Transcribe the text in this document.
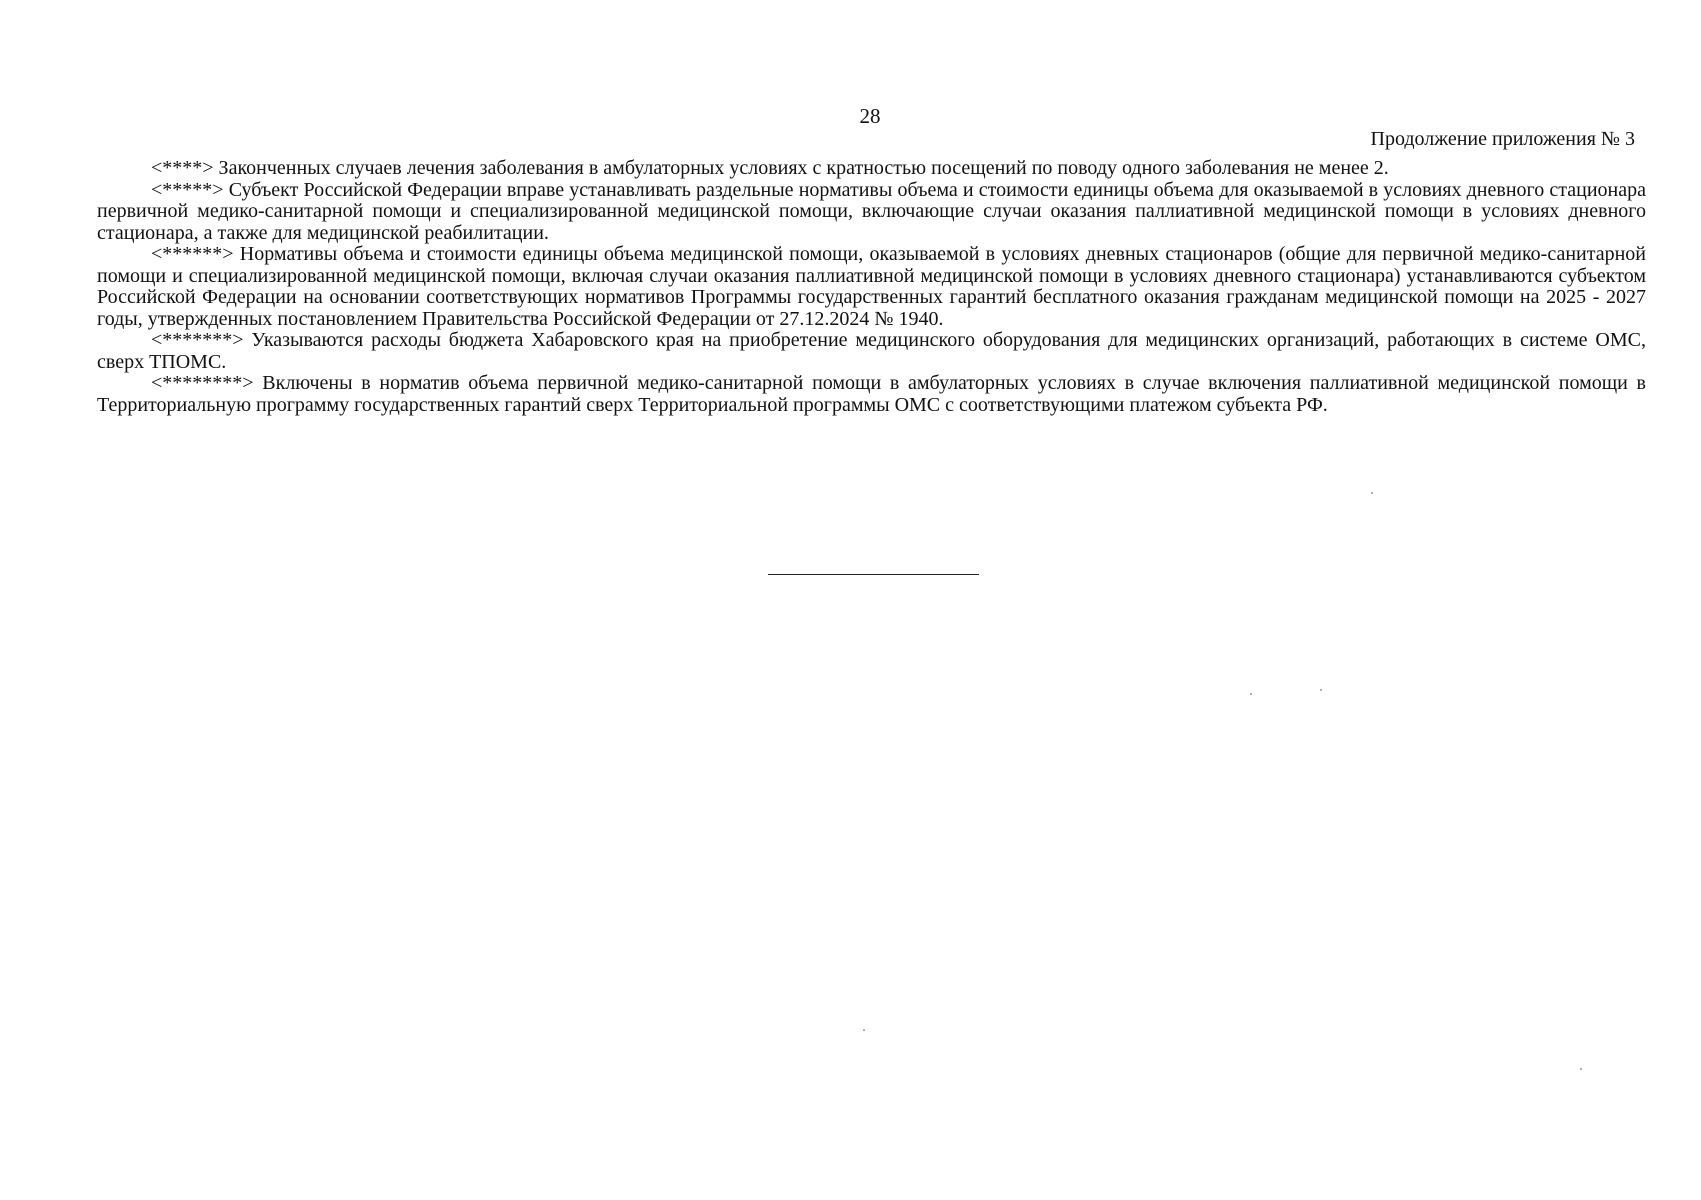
28
Продолжение приложения № 3

<****> Законченных случаев лечения заболевания в амбулаторных условиях с кратностью посещений по поводу одного заболевания не менее 2.

<*****> Субъект Российской Федерации вправе устанавливать раздельные нормативы объема и стоимости единицы объема для оказываемой в условиях дневного стационара первичной медико-санитарной помощи и специализированной медицинской помощи, включающие случаи оказания паллиативной медицинской помощи в условиях дневного стационара, а также для медицинской реабилитации.

<******> Нормативы объема и стоимости единицы объема медицинской помощи, оказываемой в условиях дневных стационаров (общие для первичной медико-санитарной помощи и специализированной медицинской помощи, включая случаи оказания паллиативной медицинской помощи в условиях дневного стационара) устанавливаются субъектом Российской Федерации на основании соответствующих нормативов Программы государственных гарантий бесплатного оказания гражданам медицинской помощи на 2025 - 2027 годы, утвержденных постановлением Правительства Российской Федерации от 27.12.2024 № 1940.

<*******> Указываются расходы бюджета Хабаровского края на приобретение медицинского оборудования для медицинских организаций, работающих в системе ОМС, сверх ТПОМС.

<********> Включены в норматив объема первичной медико-санитарной помощи в амбулаторных условиях в случае включения паллиативной медицинской помощи в Территориальную программу государственных гарантий сверх Территориальной программы ОМС с соответствующими платежом субъекта РФ.
